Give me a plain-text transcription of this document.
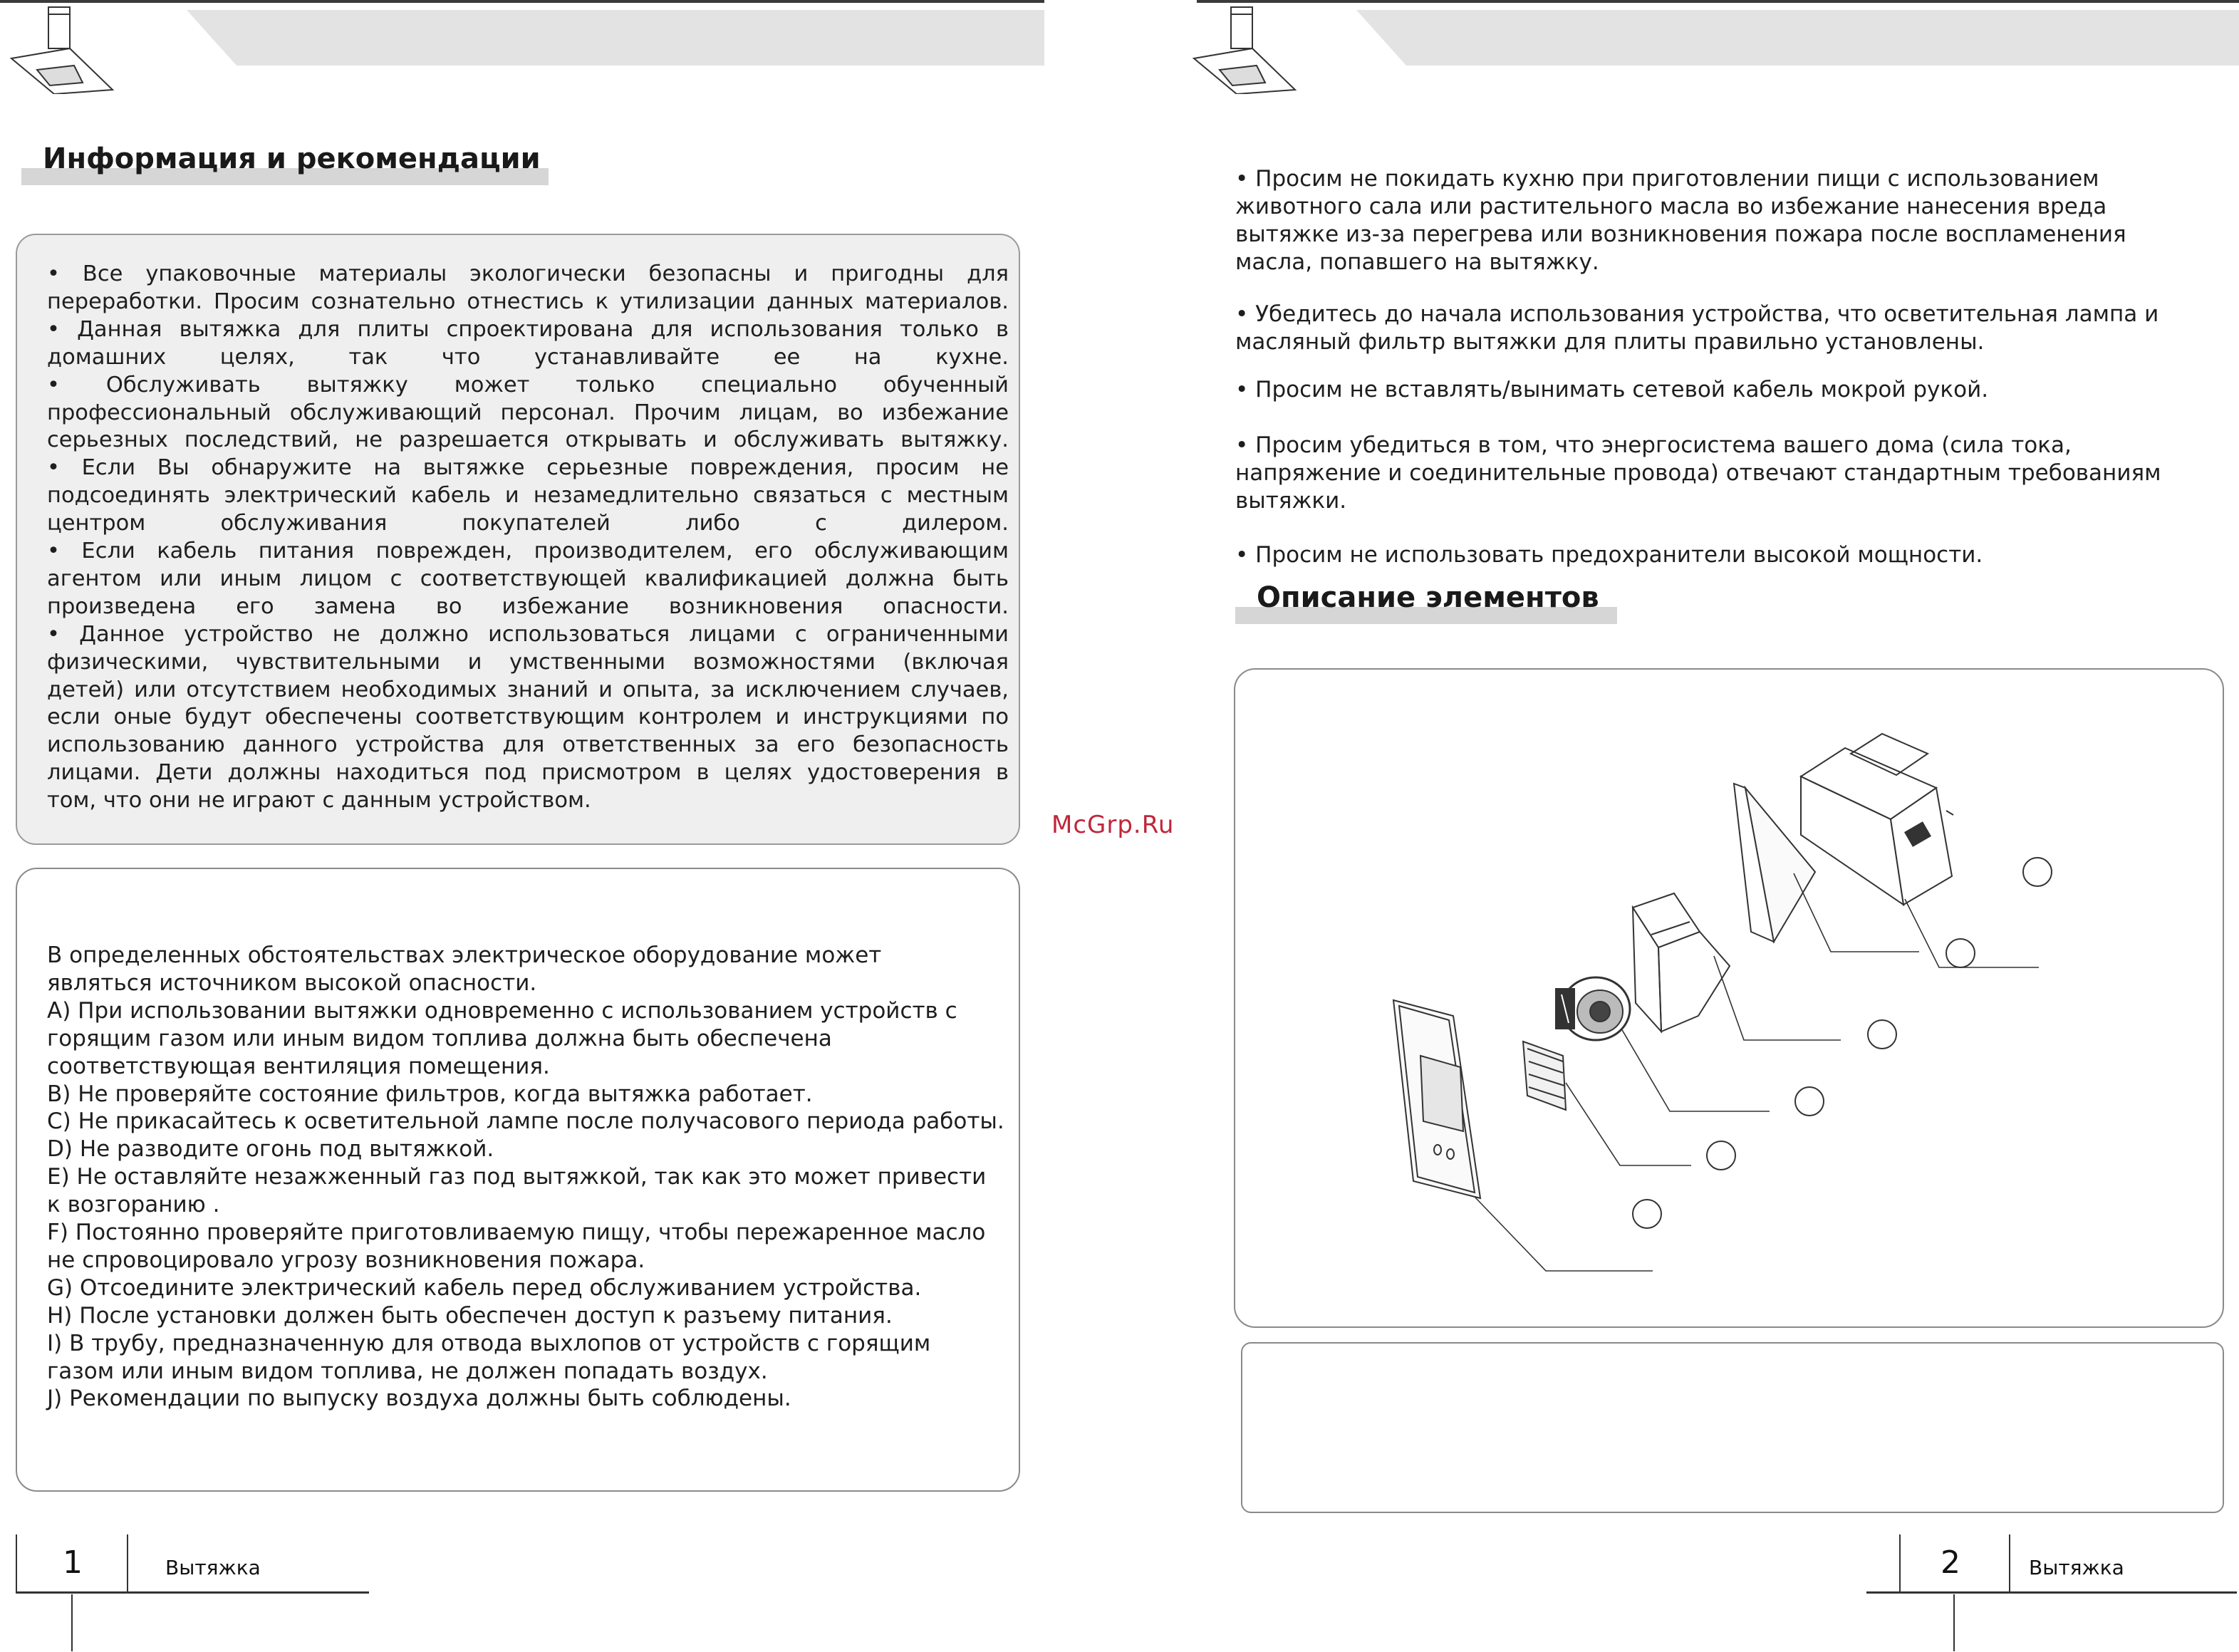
Информация и рекомендации
• Все упаковочные материалы экологически безопасны и пригодны для
переработки. Просим сознательно отнестись к утилизации данных материалов.
• Данная вытяжка для плиты спроектирована для использования только в
домашних целях, так что устанавливайте ее на кухне.
• Обслуживать вытяжку может только специально обученный
профессиональный обслуживающий персонал. Прочим лицам, во избежание
серьезных последствий, не разрешается открывать и обслуживать вытяжку.
• Если Вы обнаружите на вытяжке серьезные повреждения, просим не
подсоединять электрический кабель и незамедлительно связаться с местным
центром обслуживания покупателей либо с дилером.
• Если кабель питания поврежден, производителем, его обслуживающим
агентом или иным лицом с соответствующей квалификацией должна быть
произведена его замена во избежание возникновения опасности.
• Данное устройство не должно использоваться лицами с ограниченными
физическими, чувствительными и умственными возможностями (включая
детей) или отсутствием необходимых знаний и опыта, за исключением случаев,
если оные будут обеспечены соответствующим контролем и инструкциями по
использованию данного устройства для ответственных за его безопасность
лицами. Дети должны находиться под присмотром в целях удостоверения в
том, что они не играют с данным устройством.
В определенных обстоятельствах электрическое оборудование может
являться источником высокой опасности.
A) При использовании вытяжки одновременно с использованием устройств с
горящим газом или иным видом топлива должна быть обеспечена
соответствующая вентиляция помещения.
B) Не проверяйте состояние фильтров, когда вытяжка работает.
C) Не прикасайтесь к осветительной лампе после получасового периода работы.
D) Не разводите огонь под вытяжкой.
E) Не оставляйте незажженный газ под вытяжкой, так как это может привести
к возгоранию .
F) Постоянно проверяйте приготовливаемую пищу, чтобы пережаренное масло
не спровоцировало угрозу возникновения пожара.
G) Отсоедините электрический кабель перед обслуживанием устройства.
H) После установки должен быть обеспечен доступ к разъему питания.
I) В трубу, предназначенную для отвода выхлопов от устройств с горящим
газом или иным видом топлива, не должен попадать воздух.
J) Рекомендации по выпуску воздуха должны быть соблюдены.
1	Вытяжка
McGrp.Ru
• Просим не покидать кухню при приготовлении пищи с использованием
животного сала или растительного масла во избежание нанесения вреда
вытяжке из-за перегрева или возникновения пожара после воспламенения
масла, попавшего на вытяжку.
• Убедитесь до начала использования устройства, что осветительная лампа и
масляный фильтр вытяжки для плиты правильно установлены.
• Просим не вставлять/вынимать сетевой кабель мокрой рукой.
• Просим убедиться в том, что энергосистема вашего дома (сила тока,
напряжение и соединительные провода) отвечают стандартным требованиям
вытяжки.
• Просим не использовать предохранители высокой мощности.
Описание элементов
2	Вытяжка
